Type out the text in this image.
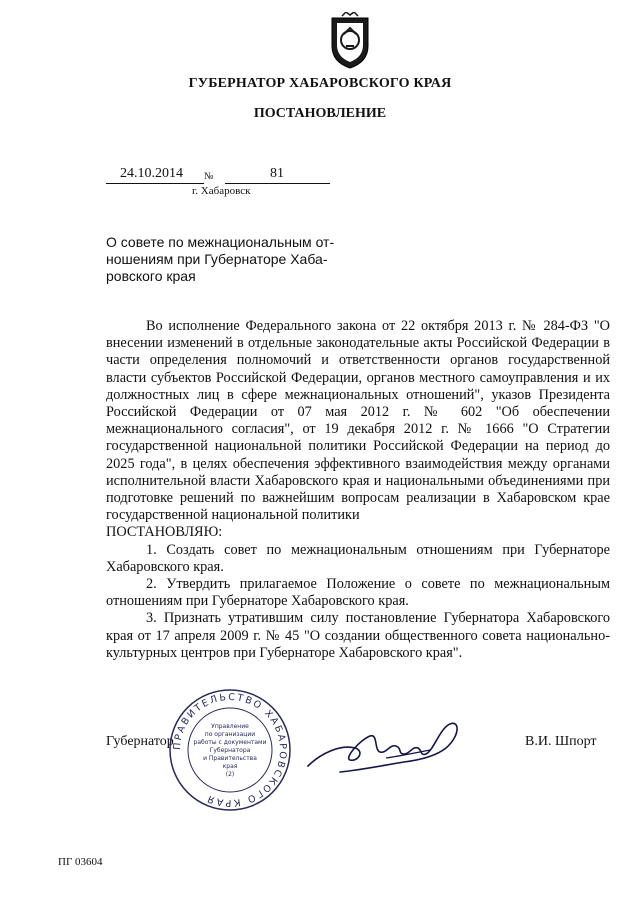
ГУБЕРНАТОР ХАБАРОВСКОГО КРАЯ
ПОСТАНОВЛЕНИЕ
24.10.2014 №	81
г. Хабаровск
О совете по межнациональным от-
ношениям при Губернаторе Хаба-
ровского края

Во исполнение Федерального закона от 22 октября 2013 г. № 284-ФЗ "О внесении изменений в отдельные законодательные акты Российской Федерации в части определения полномочий и ответственности органов государственной власти субъектов Российской Федерации, органов местного самоуправления и их должностных лиц в сфере межнациональных отношений", указов Президента Российской Федерации от 07 мая 2012 г. № 602 "Об обеспечении межнационального согласия", от 19 декабря 2012 г. № 1666 "О Стратегии государственной национальной политики Российской Федерации на период до 2025 года", в целях обеспечения эффективного взаимодействия между органами исполнительной власти Хабаровского края и национальными объединениями при подготовке решений по важнейшим вопросам реализации в Хабаровском крае государственной национальной политики

ПОСТАНОВЛЯЮ:

1. Создать совет по межнациональным отношениям при Губернаторе Хабаровского края.

2. Утвердить прилагаемое Положение о совете по межнациональным отношениям при Губернаторе Хабаровского края.

3. Признать утратившим силу постановление Губернатора Хабаровского края от 17 апреля 2009 г. № 45 "О создании общественного совета национально-культурных центров при Губернаторе Хабаровского края".

Губернатор	В.И. Шпорт
ПРАВИТЕЛЬСТВО ХАБАРОВСКОГО КРАЯ
Управление
по организации
работы с документами
Губернатора
и Правительства
края
(2)
ПГ 03604
